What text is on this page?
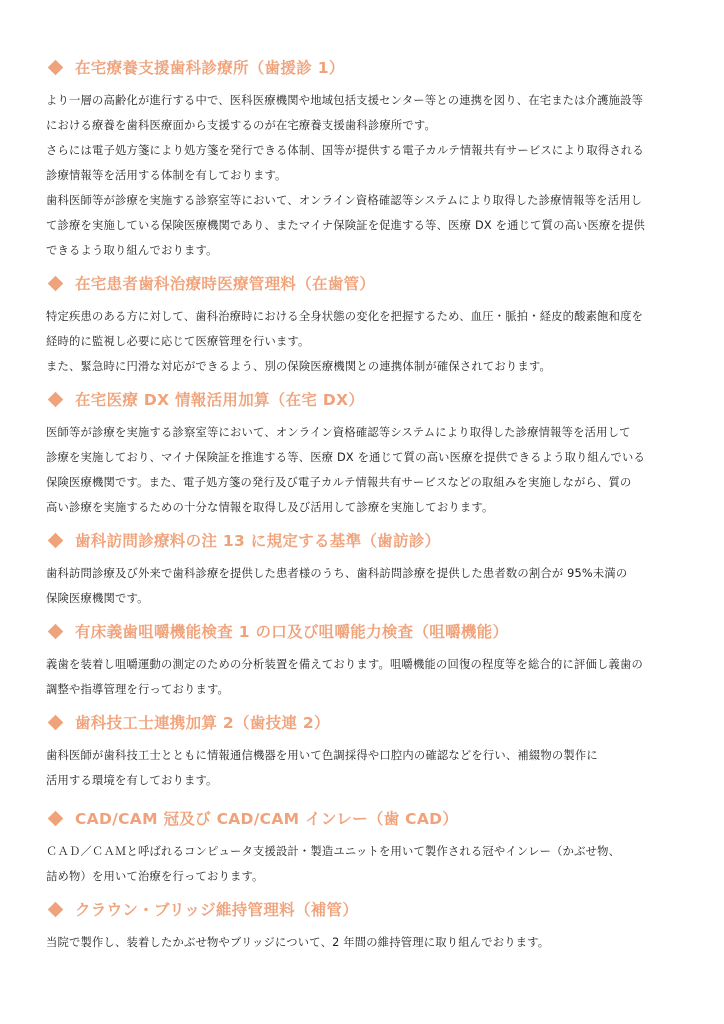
在宅療養支援歯科診療所（歯援診 1）

より一層の高齢化が進行する中で、医科医療機関や地域包括支援センター等との連携を図り、在宅または介護施設等

における療養を歯科医療面から支援するのが在宅療養支援歯科診療所です。

さらには電子処方箋により処方箋を発行できる体制、国等が提供する電子カルテ情報共有サービスにより取得される

診療情報等を活用する体制を有しております。

歯科医師等が診療を実施する診察室等において、オンライン資格確認等システムにより取得した診療情報等を活用し

て診療を実施している保険医療機関であり、またマイナ保険証を促進する等、医療 DX を通じて質の高い医療を提供

できるよう取り組んでおります。

在宅患者歯科治療時医療管理料（在歯管）

特定疾患のある方に対して、歯科治療時における全身状態の変化を把握するため、血圧・脈拍・経皮的酸素飽和度を

経時的に監視し必要に応じて医療管理を行います。

また、緊急時に円滑な対応ができるよう、別の保険医療機関との連携体制が確保されております。

在宅医療 DX 情報活用加算（在宅 DX）

医師等が診療を実施する診察室等において、オンライン資格確認等システムにより取得した診療情報等を活用して

診療を実施しており、マイナ保険証を推進する等、医療 DX を通じて質の高い医療を提供できるよう取り組んでいる

保険医療機関です。また、電子処方箋の発行及び電子カルテ情報共有サービスなどの取組みを実施しながら、質の

高い診療を実施するための十分な情報を取得し及び活用して診療を実施しております。

歯科訪問診療料の注 13 に規定する基準（歯訪診）

歯科訪問診療及び外来で歯科診療を提供した患者様のうち、歯科訪問診療を提供した患者数の割合が 95%未満の

保険医療機関です。

有床義歯咀嚼機能検査 1 の口及び咀嚼能力検査（咀嚼機能）

義歯を装着し咀嚼運動の測定のための分析装置を備えております。咀嚼機能の回復の程度等を総合的に評価し義歯の

調整や指導管理を行っております。

歯科技工士連携加算 2（歯技連 2）

歯科医師が歯科技工士とともに情報通信機器を用いて色調採得や口腔内の確認などを行い、補綴物の製作に

活用する環境を有しております。

CAD/CAM 冠及び CAD/CAM インレー（歯 CAD）

ＣＡＤ／ＣＡＭと呼ばれるコンピュータ支援設計・製造ユニットを用いて製作される冠やインレー（かぶせ物、

詰め物）を用いて治療を行っております。

クラウン・ブリッジ維持管理料（補管）

当院で製作し、装着したかぶせ物やブリッジについて、2 年間の維持管理に取り組んでおります。
